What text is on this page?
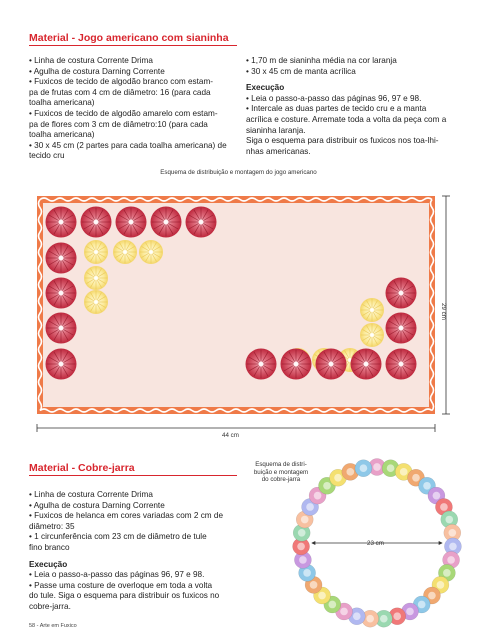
Material - Jogo americano com sianinha

• Linha de costura Corrente Drima

• Agulha de costura Darning Corrente

• Fuxicos de tecido de algodão branco com estam-

pa de frutas com 4 cm de diâmetro: 16 (para cada

toalha americana)

• Fuxicos de tecido de algodão amarelo com estam-

pa de flores com 3 cm de diâmetro:10 (para cada

toalha americana)

• 30 x 45 cm (2 partes para cada toalha americana) de

tecido cru

• 1,70 m de sianinha média na cor laranja

• 30 x 45 cm de manta acrílica

Execução

• Leia o passo-a-passo das páginas 96, 97 e 98.

• Intercale as duas partes de tecido cru e a manta

acrílica e costure. Arremate toda a volta da peça com a

sianinha laranja.

Siga o esquema para distribuir os fuxicos nos toa-lhi-

nhas americanas.

Esquema de distribuição e montagem do jogo americano
44 cm
29 cm
Material - Cobre-jarra

• Linha de costura Corrente Drima

• Agulha de costura Darning Corrente

• Fuxicos de helanca em cores variadas com 2 cm de

diâmetro: 35

• 1 circunferência com 23 cm de diâmetro de tule

fino branco

Execução

• Leia o passo-a-passo das páginas 96, 97 e 98.

• Passe uma costure de overloque em toda a volta

do tule. Siga o esquema para distribuir os fuxicos no

cobre-jarra.

Esquema de distri-
buição e montagem
do cobre-jarra
23 cm
58 - Arte em Fuxico
